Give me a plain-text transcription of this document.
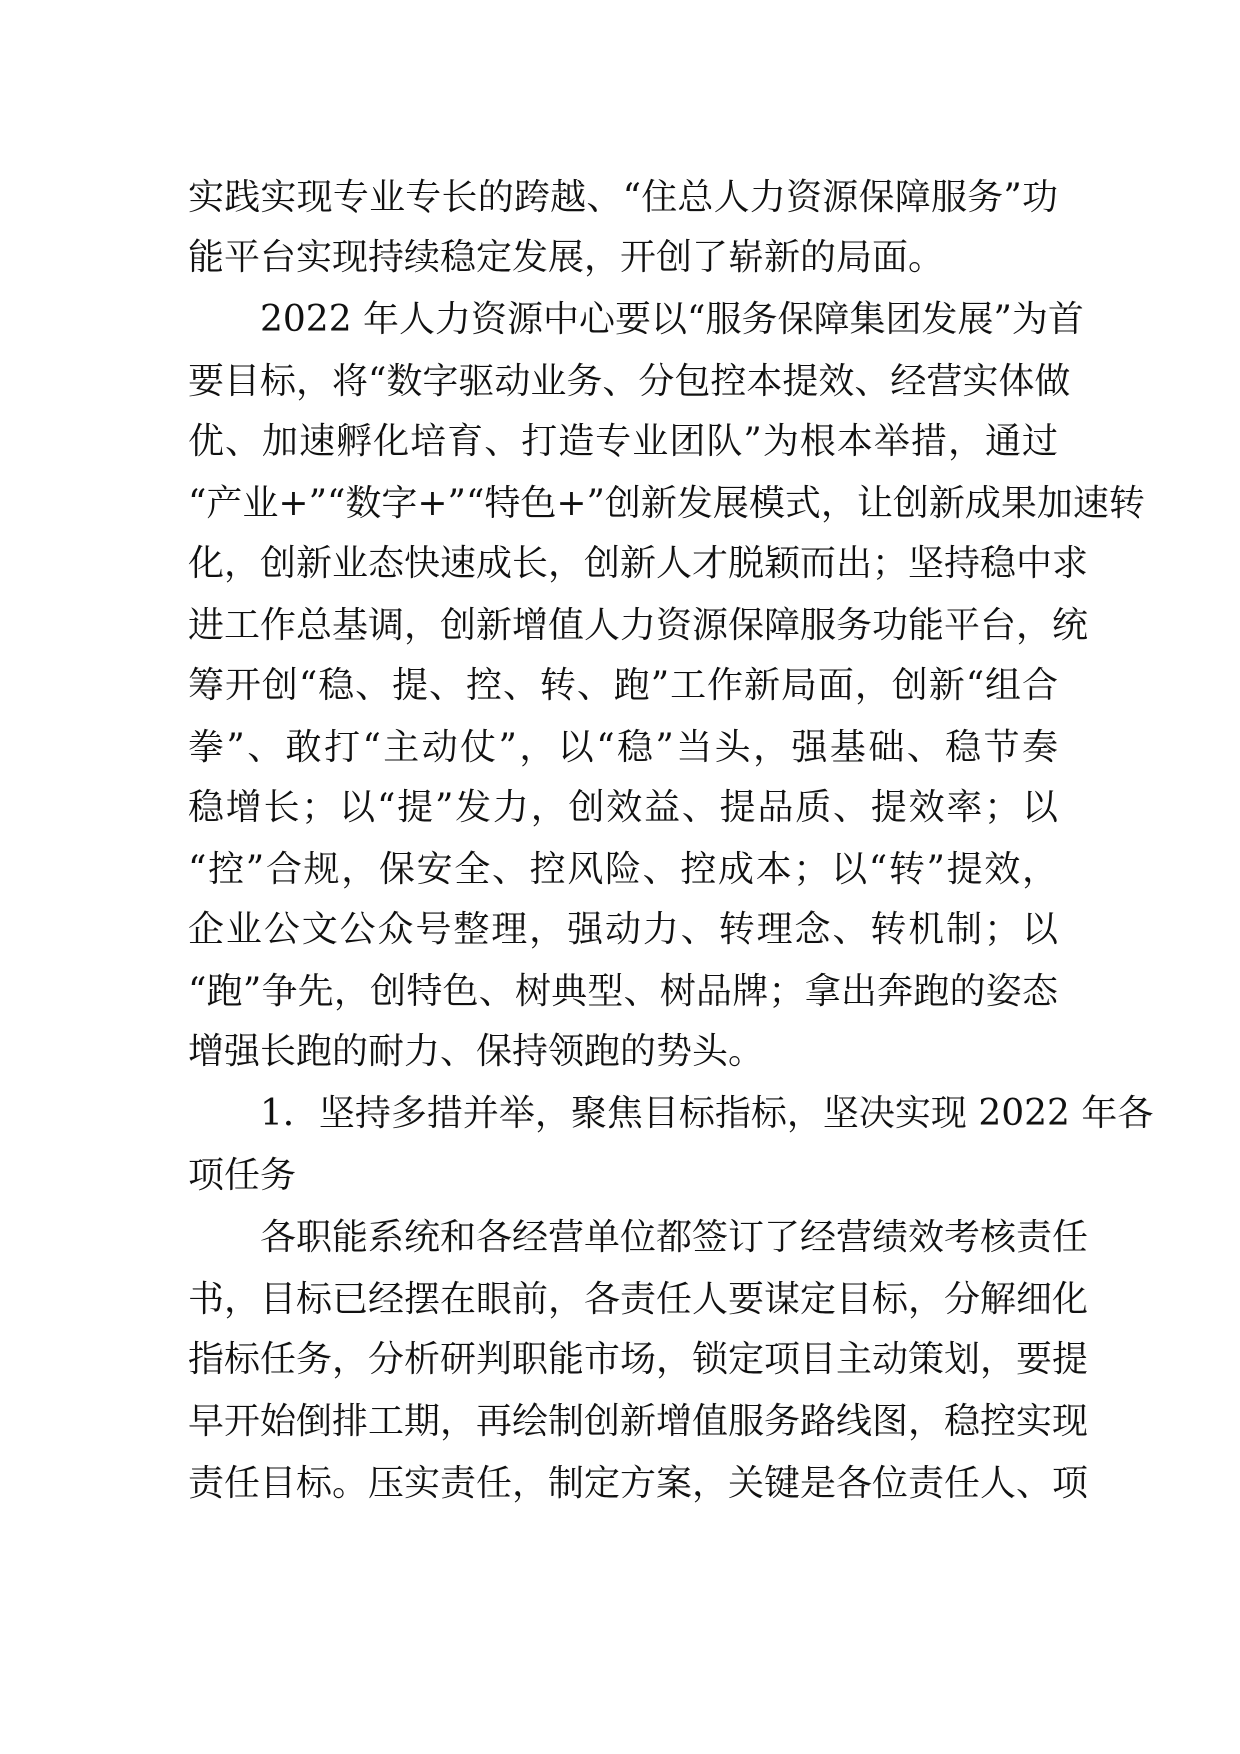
实践实现专业专长的跨越、“住总人力资源保障服务”功
能平台实现持续稳定发展，开创了崭新的局面。
　　2022 年人力资源中心要以“服务保障集团发展”为首
要目标，将“数字驱动业务、分包控本提效、经营实体做
优、加速孵化培育、打造专业团队”为根本举措，通过
“产业+”“数字+”“特色+”创新发展模式，让创新成果加速转
化，创新业态快速成长，创新人才脱颖而出；坚持稳中求
进工作总基调，创新增值人力资源保障服务功能平台，统
筹开创“稳、提、控、转、跑”工作新局面，创新“组合
拳”、敢打“主动仗”，以“稳”当头，强基础、稳节奏
稳增长；以“提”发力，创效益、提品质、提效率；以
“控”合规，保安全、控风险、控成本；以“转”提效，
企业公文公众号整理，强动力、转理念、转机制；以
“跑”争先，创特色、树典型、树品牌；拿出奔跑的姿态
增强长跑的耐力、保持领跑的势头。
　　1．坚持多措并举，聚焦目标指标，坚决实现 2022 年各
项任务
　　各职能系统和各经营单位都签订了经营绩效考核责任
书，目标已经摆在眼前，各责任人要谋定目标，分解细化
指标任务，分析研判职能市场，锁定项目主动策划，要提
早开始倒排工期，再绘制创新增值服务路线图，稳控实现
责任目标。压实责任，制定方案，关键是各位责任人、项
